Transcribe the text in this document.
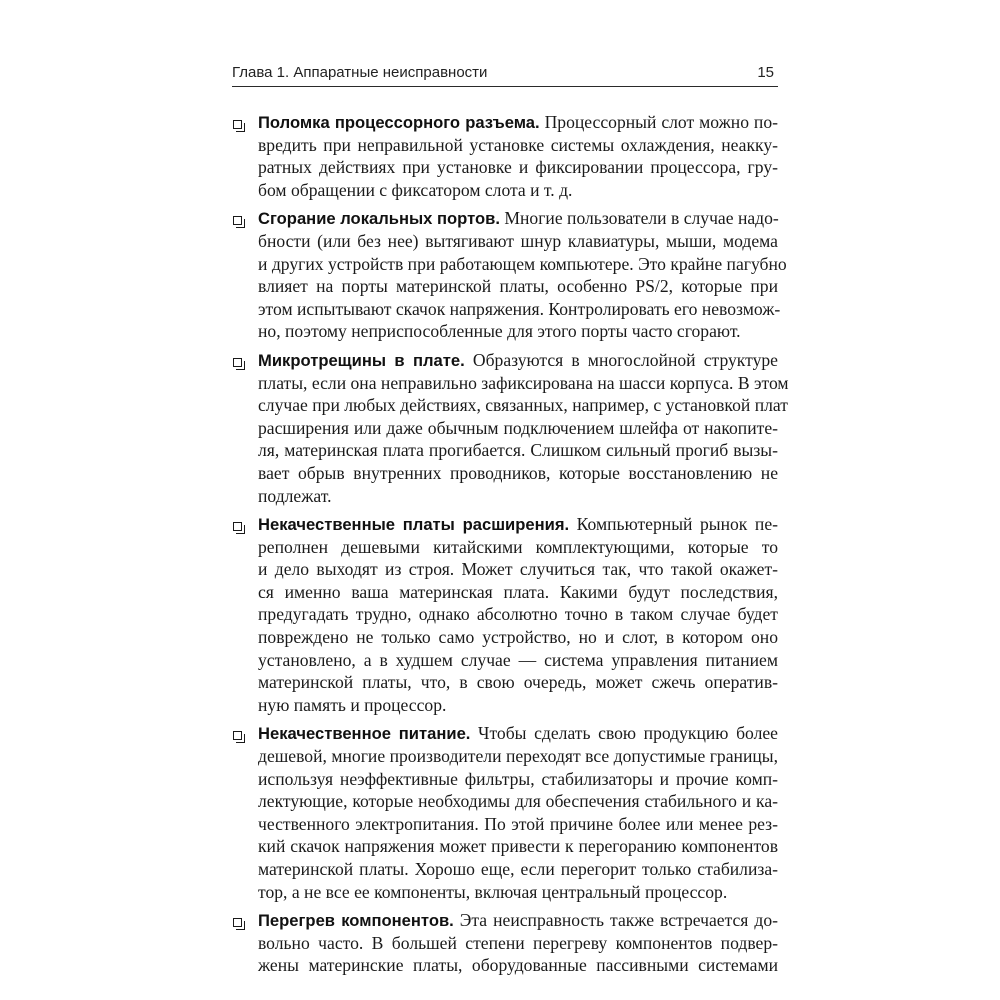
Глава 1. Аппаратные неисправности	15
Поломка процессорного разъема. Процессорный слот можно по-
вредить при неправильной установке системы охлаждения, неакку-
ратных действиях при установке и фиксировании процессора, гру-
бом обращении с фиксатором слота и т. д.
Сгорание локальных портов. Многие пользователи в случае надо-
бности (или без нее) вытягивают шнур клавиатуры, мыши, модема
и других устройств при работающем компьютере. Это крайне пагубно
влияет на порты материнской платы, особенно PS/2, которые при
этом испытывают скачок напряжения. Контролировать его невозмож-
но, поэтому неприспособленные для этого порты часто сгорают.
Микротрещины в плате. Образуются в многослойной структуре
платы, если она неправильно зафиксирована на шасси корпуса. В этом
случае при любых действиях, связанных, например, с установкой плат
расширения или даже обычным подключением шлейфа от накопите-
ля, материнская плата прогибается. Слишком сильный прогиб вызы-
вает обрыв внутренних проводников, которые восстановлению не
подлежат.
Некачественные платы расширения. Компьютерный рынок пе-
реполнен дешевыми китайскими комплектующими, которые то
и дело выходят из строя. Может случиться так, что такой окажет-
ся именно ваша материнская плата. Какими будут последствия,
предугадать трудно, однако абсолютно точно в таком случае будет
повреждено не только само устройство, но и слот, в котором оно
установлено, а в худшем случае — система управления питанием
материнской платы, что, в свою очередь, может сжечь оператив-
ную память и процессор.
Некачественное питание. Чтобы сделать свою продукцию более
дешевой, многие производители переходят все допустимые границы,
используя неэффективные фильтры, стабилизаторы и прочие комп-
лектующие, которые необходимы для обеспечения стабильного и ка-
чественного электропитания. По этой причине более или менее рез-
кий скачок напряжения может привести к перегоранию компонентов
материнской платы. Хорошо еще, если перегорит только стабилиза-
тор, а не все ее компоненты, включая центральный процессор.
Перегрев компонентов. Эта неисправность также встречается до-
вольно часто. В большей степени перегреву компонентов подвер-
жены материнские платы, оборудованные пассивными системами
